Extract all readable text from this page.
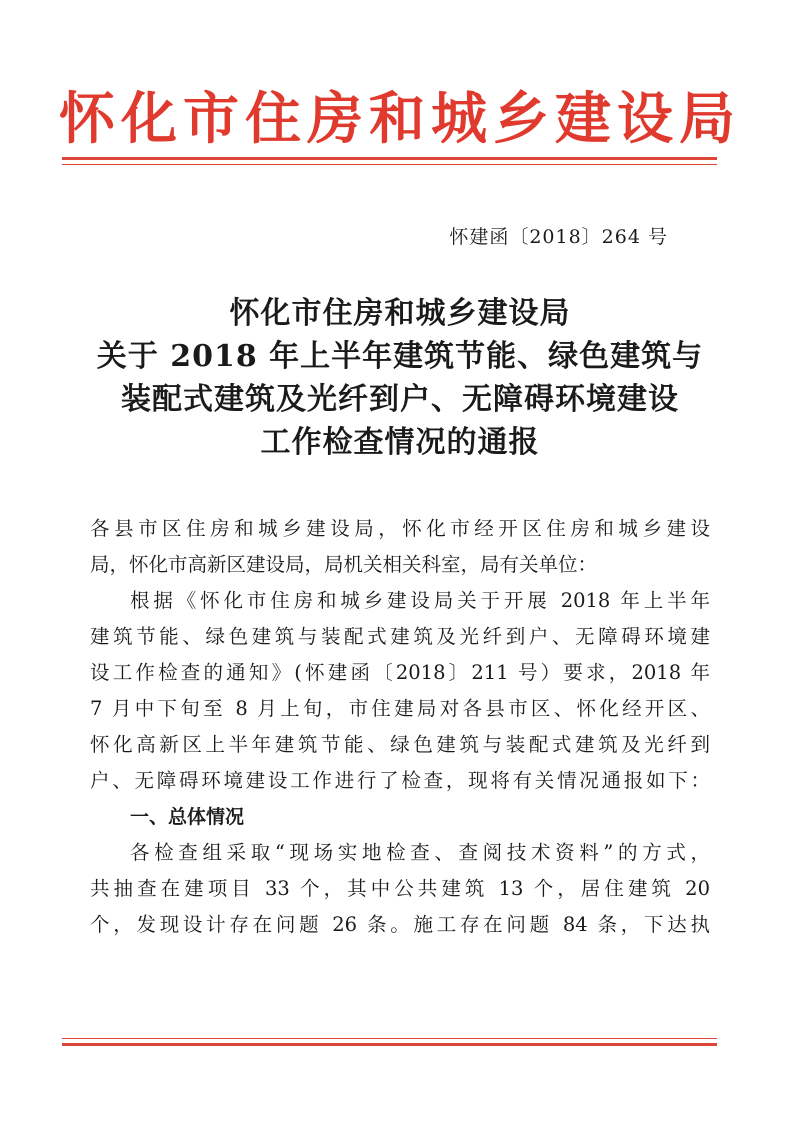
怀化市住房和城乡建设局
怀建函〔2018〕264 号
怀化市住房和城乡建设局
关于 2018 年上半年建筑节能、绿色建筑与
装配式建筑及光纤到户、无障碍环境建设
工作检查情况的通报
各县市区住房和城乡建设局，怀化市经开区住房和城乡建设
局，怀化市高新区建设局，局机关相关科室，局有关单位：
根据《怀化市住房和城乡建设局关于开展 2018 年上半年
建筑节能、绿色建筑与装配式建筑及光纤到户、无障碍环境建
设工作检查的通知》(怀建函〔2018〕211 号）要求，2018 年
7 月中下旬至 8 月上旬，市住建局对各县市区、怀化经开区、
怀化高新区上半年建筑节能、绿色建筑与装配式建筑及光纤到
户、无障碍环境建设工作进行了检查，现将有关情况通报如下：
一、总体情况
各检查组采取“现场实地检查、查阅技术资料”的方式，
共抽查在建项目 33 个，其中公共建筑 13 个，居住建筑 20
个，发现设计存在问题 26 条。施工存在问题 84 条，下达执
